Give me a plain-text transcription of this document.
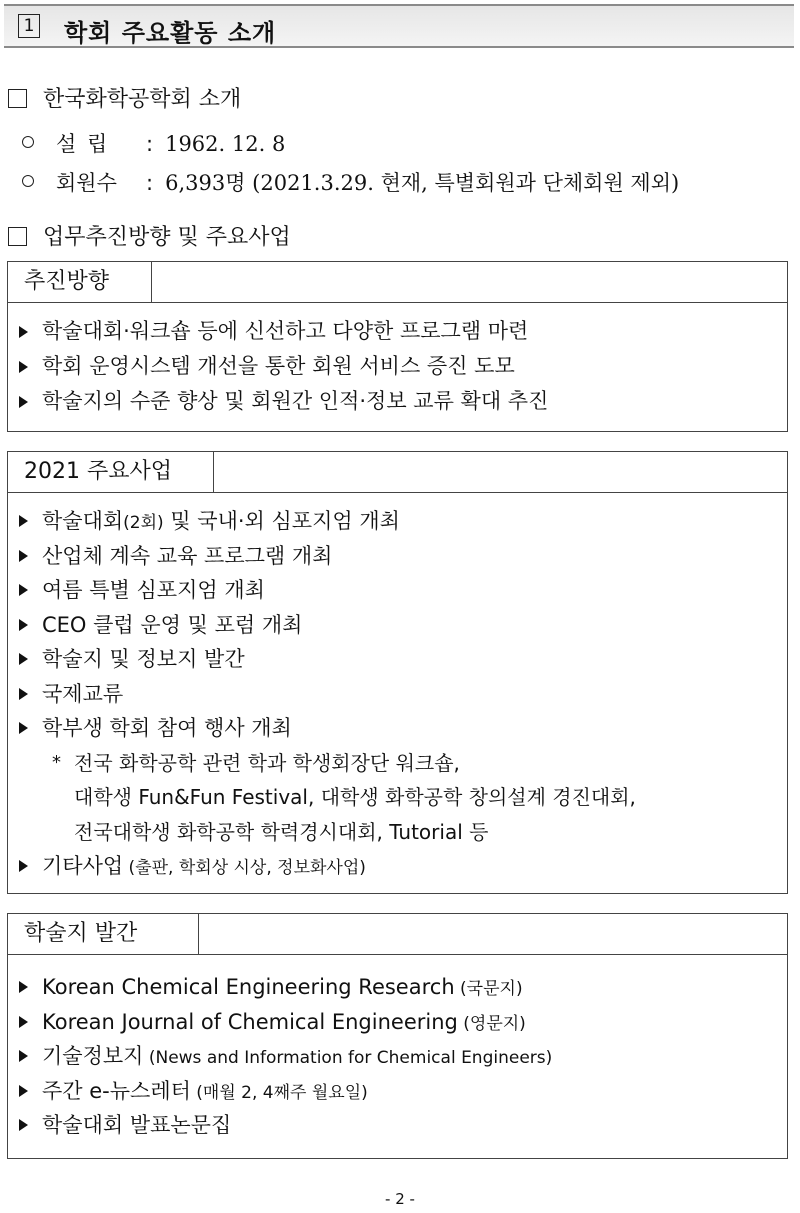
1 학회 주요활동 소개
한국화학공학회 소개
설 립 : 1962. 12. 8
회원수 : 6,393명 (2021.3.29. 현재, 특별회원과 단체회원 제외)
업무추진방향 및 주요사업
추진방향
학술대회·워크숍 등에 신선하고 다양한 프로그램 마련
학회 운영시스템 개선을 통한 회원 서비스 증진 도모
학술지의 수준 향상 및 회원간 인적·정보 교류 확대 추진
2021 주요사업
학술대회(2회) 및 국내·외 심포지엄 개최
산업체 계속 교육 프로그램 개최
여름 특별 심포지엄 개최
CEO 클럽 운영 및 포럼 개최
학술지 및 정보지 발간
국제교류
학부생 학회 참여 행사 개최
* 전국 화학공학 관련 학과 학생회장단 워크숍,
대학생 Fun&Fun Festival, 대학생 화학공학 창의설계 경진대회,
전국대학생 화학공학 학력경시대회, Tutorial 등
기타사업 (출판, 학회상 시상, 정보화사업)
학술지 발간
Korean Chemical Engineering Research (국문지)
Korean Journal of Chemical Engineering (영문지)
기술정보지 (News and Information for Chemical Engineers)
주간 e-뉴스레터 (매월 2, 4째주 월요일)
학술대회 발표논문집
- 2 -
